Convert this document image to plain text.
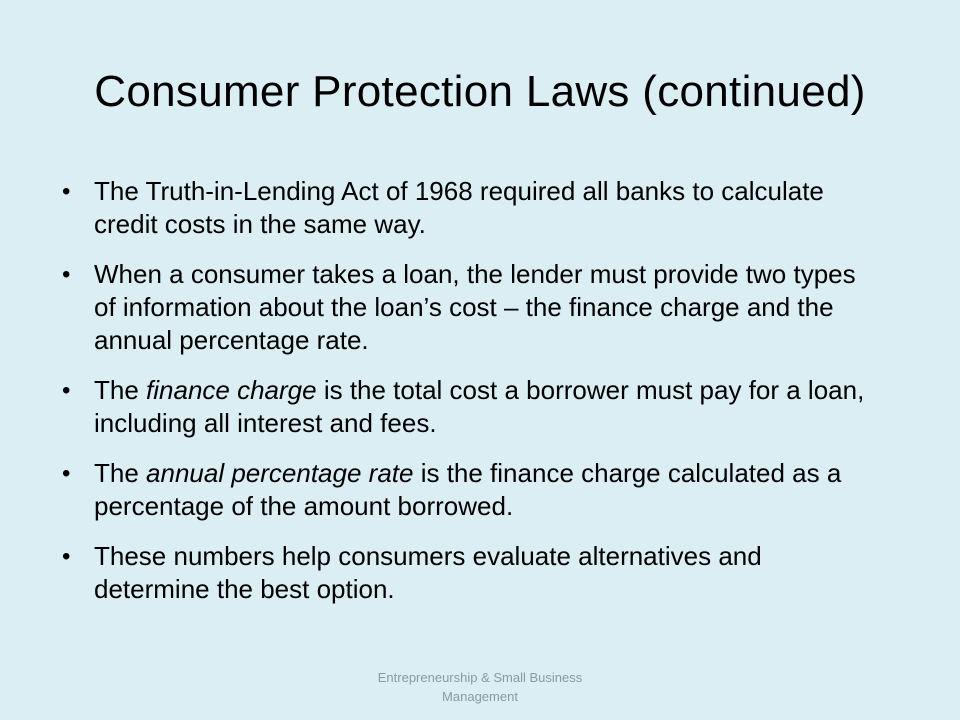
Consumer Protection Laws (continued)
• The Truth-in-Lending Act of 1968 required all banks to calculate credit costs in the same way.
• When a consumer takes a loan, the lender must provide two types of information about the loan’s cost – the finance charge and the annual percentage rate.
• The finance charge is the total cost a borrower must pay for a loan, including all interest and fees.
• The annual percentage rate is the finance charge calculated as a percentage of the amount borrowed.
• These numbers help consumers evaluate alternatives and determine the best option.
Entrepreneurship & Small Business Management
